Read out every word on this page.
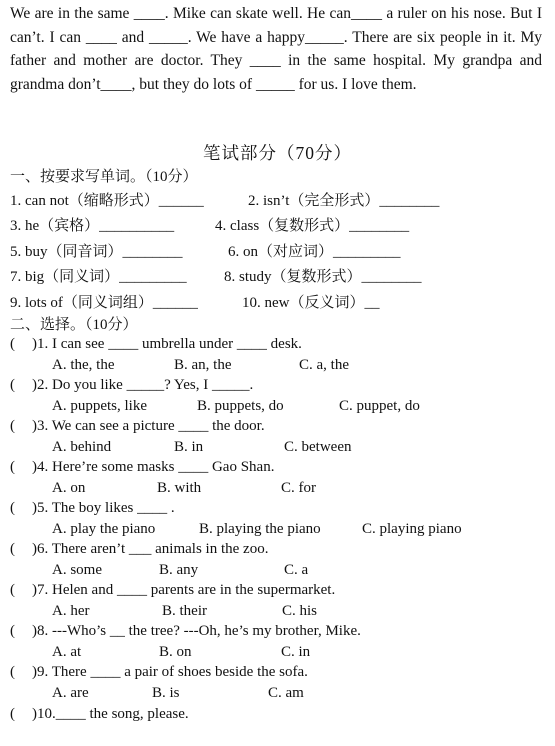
We are in the same ____. Mike can skate well. He can____ a ruler on his nose. But I can’t. I can ____ and _____. We have a happy_____. There are six people in it. My father and mother are doctor. They ____ in the same hospital. My grandpa and grandma don’t____, but they do lots of _____ for us. I love them.
笔试部分（70分）
一、按要求写单词。（10分）
1. can not（缩略形式）______	2. isn’t（完全形式）________
3. he（宾格）__________	4. class（复数形式）________
5. buy（同音词）________	6. on（对应词）_________
7. big（同义词）_________ 8. study（复数形式）________
9. lots of（同义词组）______	10. new（反义词）__
二、选择。（10分）
( )1. I can see ____ umbrella under ____ desk.
A. the, the	B. an, the	C. a, the
( )2. Do you like _____? Yes, I _____.
A. puppets, like	B. puppets, do	C. puppet, do
( )3. We can see a picture ____ the door.
A. behind	B. in	C. between
( )4. Here’re some masks ____ Gao Shan.
A. on	B. with	C. for
( )5. The boy likes ____ .
A. play the piano	B. playing the piano	C. playing piano
( )6. There aren’t ___ animals in the zoo.
A. some	B. any	C. a
( )7. Helen and ____ parents are in the supermarket.
A. her	B. their	C. his
( )8. ---Who’s __ the tree? ---Oh, he’s my brother, Mike.
A. at	B. on	C. in
( )9. There ____ a pair of shoes beside the sofa.
A. are	B. is	C. am
( )10.____ the song, please.
